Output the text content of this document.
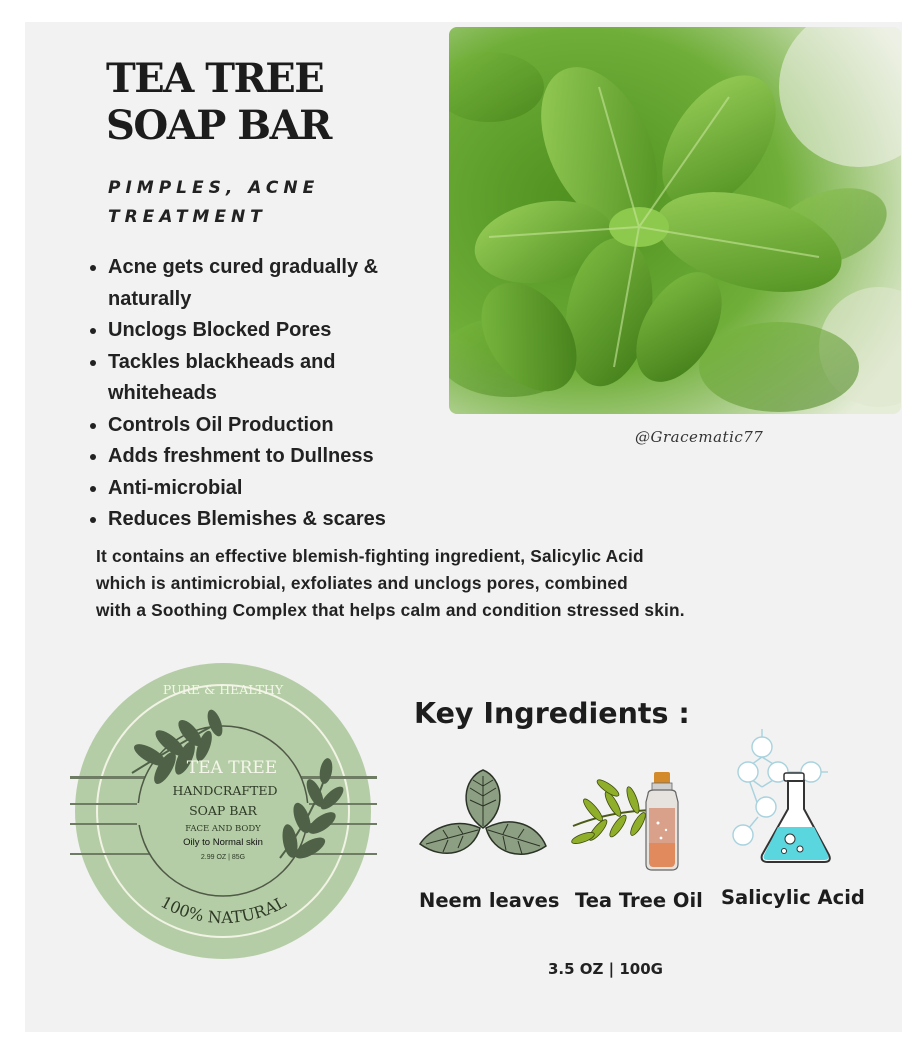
TEA TREE
SOAP BAR
PIMPLES, ACNE TREATMENT
• Acne gets cured gradually & naturally
• Unclogs Blocked Pores
• Tackles blackheads and whiteheads
• Controls Oil Production
• Adds freshment to Dullness
• Anti-microbial
• Reduces Blemishes & scares
It contains an effective blemish-fighting ingredient, Salicylic Acid
which is antimicrobial, exfoliates and unclogs pores, combined
with a Soothing Complex that helps calm and condition stressed skin.
@Gracematic77
PURE & HEALTHY
TEA TREE
HANDCRAFTED
SOAP BAR
FACE AND BODY
Oily to Normal skin
2.99 OZ | 85G
100% NATURAL
Key Ingredients :
Neem leaves Tea Tree Oil Salicylic Acid
3.5 OZ | 100G
